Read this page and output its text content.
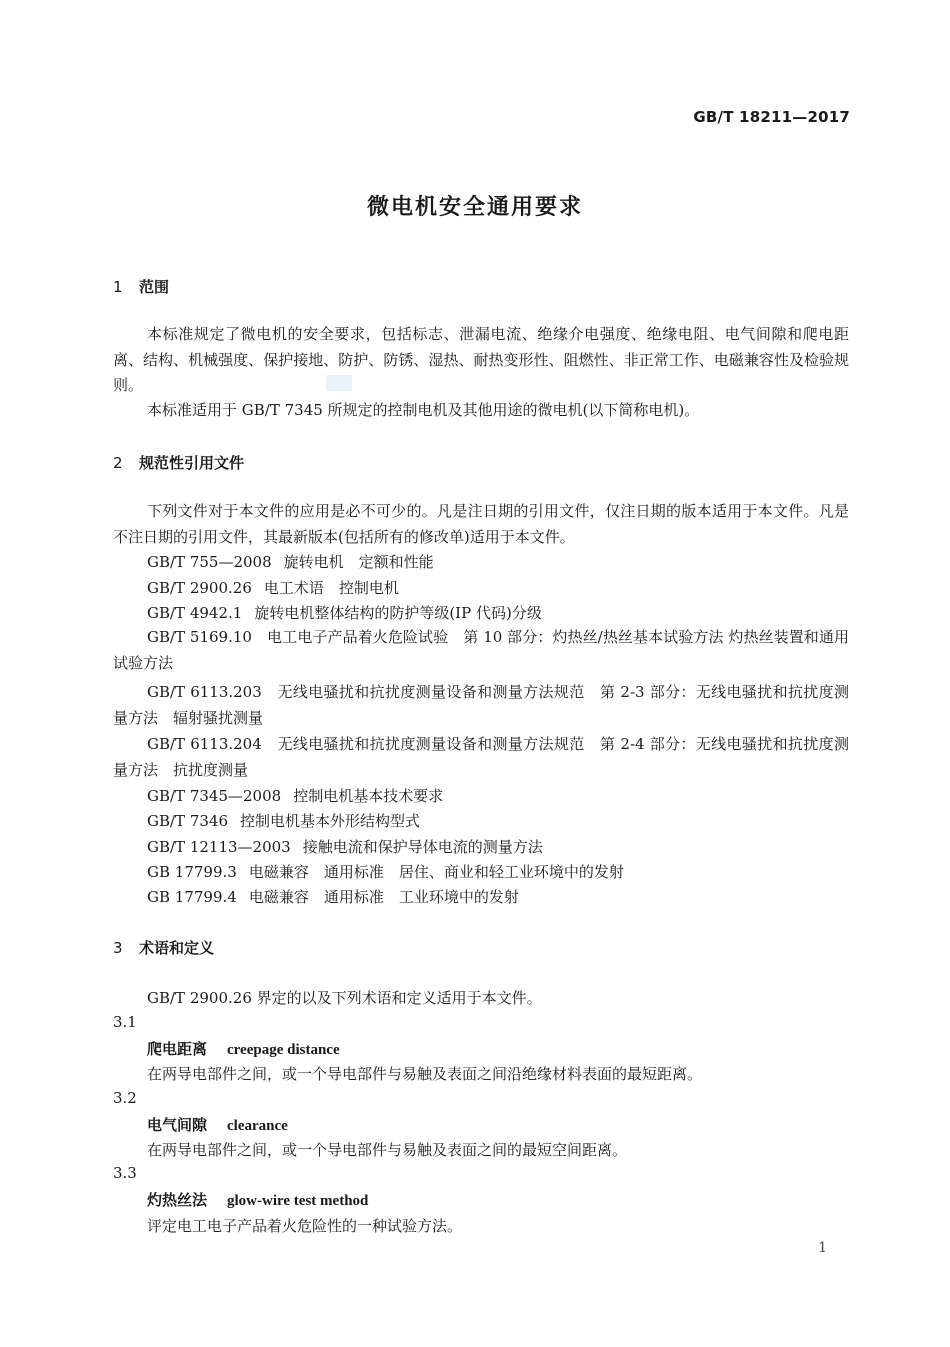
GB/T 18211—2017
微电机安全通用要求
1 范围
本标准规定了微电机的安全要求，包括标志、泄漏电流、绝缘介电强度、绝缘电阻、电气间隙和爬电距离、结构、机械强度、保护接地、防护、防锈、湿热、耐热变形性、阻燃性、非正常工作、电磁兼容性及检验规则。
本标准适用于 GB/T 7345 所规定的控制电机及其他用途的微电机(以下简称电机)。
2 规范性引用文件
下列文件对于本文件的应用是必不可少的。凡是注日期的引用文件，仅注日期的版本适用于本文件。凡是不注日期的引用文件，其最新版本(包括所有的修改单)适用于本文件。
GB/T 755—2008 旋转电机　定额和性能
GB/T 2900.26 电工术语　控制电机
GB/T 4942.1 旋转电机整体结构的防护等级(IP 代码)分级
GB/T 5169.10　 电工电子产品着火危险试验　第 10 部分：灼热丝/热丝基本试验方法 灼热丝装置和通用试验方法
GB/T 6113.203　 无线电骚扰和抗扰度测量设备和测量方法规范　第 2-3 部分：无线电骚扰和抗扰度测量方法　辐射骚扰测量
GB/T 6113.204　 无线电骚扰和抗扰度测量设备和测量方法规范　第 2-4 部分：无线电骚扰和抗扰度测量方法　抗扰度测量
GB/T 7345—2008 控制电机基本技术要求
GB/T 7346 控制电机基本外形结构型式
GB/T 12113—2003 接触电流和保护导体电流的测量方法
GB 17799.3 电磁兼容　通用标准　居住、商业和轻工业环境中的发射
GB 17799.4 电磁兼容　通用标准　工业环境中的发射
3 术语和定义
GB/T 2900.26 界定的以及下列术语和定义适用于本文件。
3.1
爬电距离 creepage distance
在两导电部件之间，或一个导电部件与易触及表面之间沿绝缘材料表面的最短距离。
3.2
电气间隙 clearance
在两导电部件之间，或一个导电部件与易触及表面之间的最短空间距离。
3.3
灼热丝法 glow-wire test method
评定电工电子产品着火危险性的一种试验方法。
1
